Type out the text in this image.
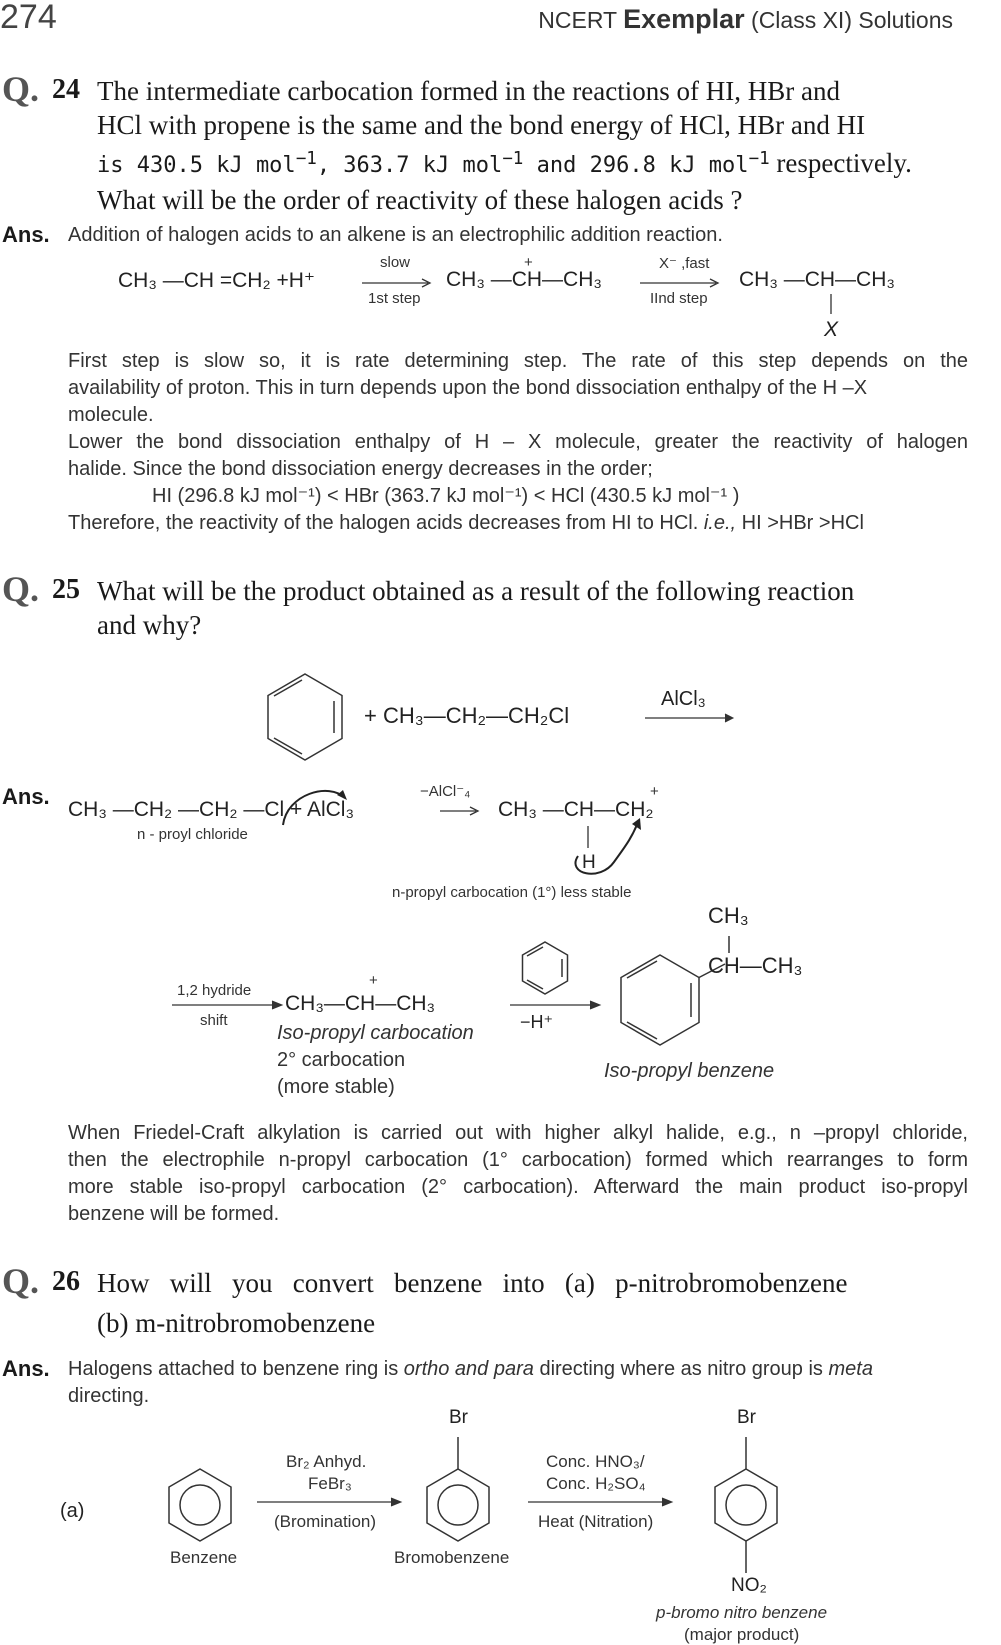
274	NCERT Exemplar (Class XI) Solutions
Q. 24 The intermediate carbocation formed in the reactions of HI, HBr and
HCl with propene is the same and the bond energy of HCl, HBr and HI
is 430.5 kJ mol$^{-1}$, 363.7 kJ mol$^{-1}$ and 296.8 kJ mol$^{-1}$ respectively.
What will be the order of reactivity of these halogen acids ?
Ans. Addition of halogen acids to an alkene is an electrophilic addition reaction.
CH₃ —CH =CH₂ +H⁺
slow
1st step
+
CH₃ —CH—CH₃
X⁻ ,fast
IInd step
CH₃ —CH—CH₃
X
First step is slow so, it is rate determining step. The rate of this step depends on the
availability of proton. This in turn depends upon the bond dissociation enthalpy of the H –X
molecule.
Lower the bond dissociation enthalpy of H – X molecule, greater the reactivity of halogen
halide. Since the bond dissociation energy decreases in the order;
HI (296.8 kJ mol⁻¹) < HBr (363.7 kJ mol⁻¹) < HCl (430.5 kJ mol⁻¹ )
Therefore, the reactivity of the halogen acids decreases from HI to HCl. i.e., HI >HBr >HCl
Q. 25 What will be the product obtained as a result of the following reaction
and why?
+ CH₃—CH₂—CH₂Cl
AlCl₃
Ans.
CH₃ —CH₂ —CH₂ —Cl + AlCl₃
n - proyl chloride
−AlCl⁻₄	+
CH₃ —CH—CH₂
H
n-propyl carbocation (1°) less stable
1,2 hydride
shift
+
CH₃—CH—CH₃
Iso-propyl carbocation
2° carbocation
(more stable)
−H⁺
CH₃
CH—CH₃
Iso-propyl benzene
When Friedel-Craft alkylation is carried out with higher alkyl halide, e.g., n –propyl chloride,
then the electrophile n-propyl carbocation (1° carbocation) formed which rearranges to form
more stable iso-propyl carbocation (2° carbocation). Afterward the main product iso-propyl
benzene will be formed.
Q. 26 How   will   you   convert   benzene   into   (a)   p-nitrobromobenzene
(b) m-nitrobromobenzene
Ans. Halogens attached to benzene ring is ortho and para directing where as nitro group is meta
directing.
(a)
Benzene
Br₂ Anhyd.
FeBr₃
(Bromination)
Br
Bromobenzene
Conc. HNO₃/
Conc. H₂SO₄
Heat (Nitration)
Br
NO₂
p-bromo nitro benzene
(major product)
